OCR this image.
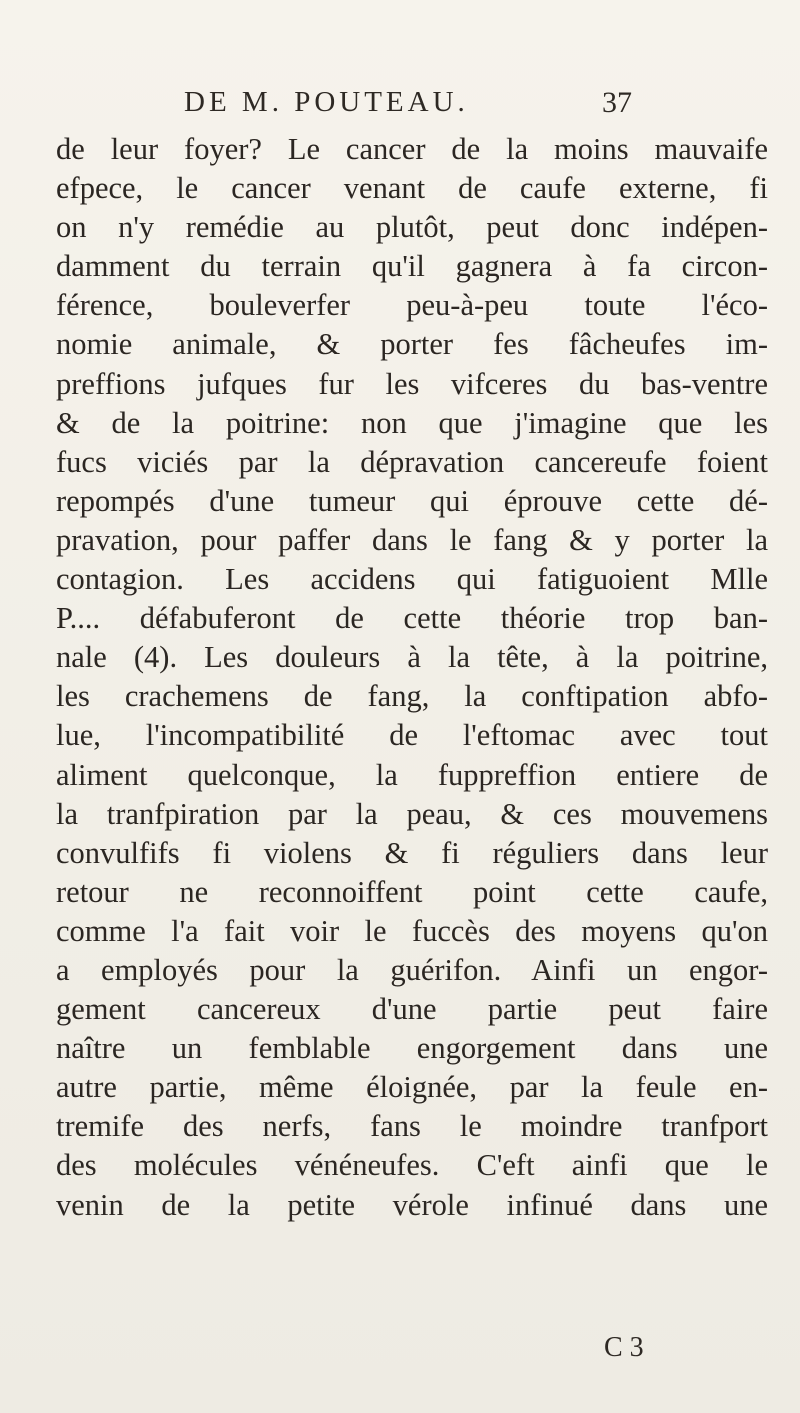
DE M. POUTEAU.	37
de leur foyer? Le cancer de la moins mauvaife
efpece, le cancer venant de caufe externe, fi
on n'y remédie au plutôt, peut donc indépen-
damment du terrain qu'il gagnera à fa circon-
férence, bouleverfer peu-à-peu toute l'éco-
nomie animale, & porter fes fâcheufes im-
preffions jufques fur les vifceres du bas-ventre
& de la poitrine: non que j'imagine que les
fucs viciés par la dépravation cancereufe foient
repompés d'une tumeur qui éprouve cette dé-
pravation, pour paffer dans le fang & y porter la
contagion. Les accidens qui fatiguoient Mlle
P.... défabuferont de cette théorie trop ban-
nale (4). Les douleurs à la tête, à la poitrine,
les crachemens de fang, la conftipation abfo-
lue, l'incompatibilité de l'eftomac avec tout
aliment quelconque, la fuppreffion entiere de
la tranfpiration par la peau, & ces mouvemens
convulfifs fi violens & fi réguliers dans leur
retour ne reconnoiffent point cette caufe,
comme l'a fait voir le fuccès des moyens qu'on
a employés pour la guérifon. Ainfi un engor-
gement cancereux d'une partie peut faire
naître un femblable engorgement dans une
autre partie, même éloignée, par la feule en-
tremife des nerfs, fans le moindre tranfport
des molécules vénéneufes. C'eft ainfi que le
venin de la petite vérole infinué dans une
C 3
